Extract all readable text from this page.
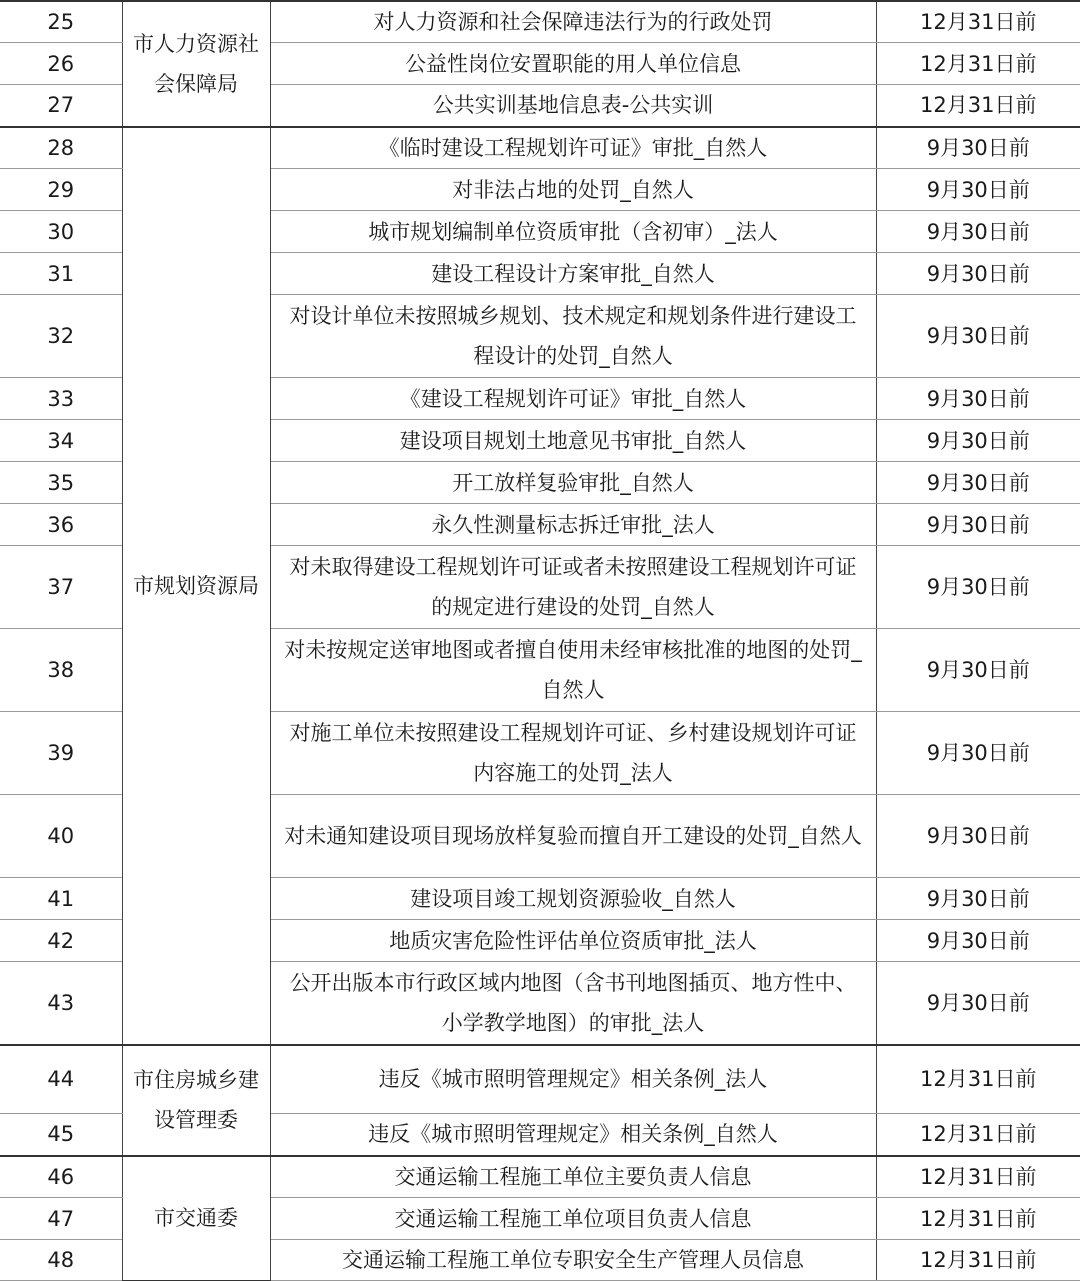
25	市人力资源社会保障局	对人力资源和社会保障违法行为的行政处罚	12月31日前
26		公益性岗位安置职能的用人单位信息	12月31日前
27		公共实训基地信息表-公共实训	12月31日前
28	市规划资源局	《临时建设工程规划许可证》审批_自然人	9月30日前
29		对非法占地的处罚_自然人	9月30日前
30		城市规划编制单位资质审批（含初审）_法人	9月30日前
31		建设工程设计方案审批_自然人	9月30日前
32		对设计单位未按照城乡规划、技术规定和规划条件进行建设工程设计的处罚_自然人	9月30日前
33		《建设工程规划许可证》审批_自然人	9月30日前
34		建设项目规划土地意见书审批_自然人	9月30日前
35		开工放样复验审批_自然人	9月30日前
36		永久性测量标志拆迁审批_法人	9月30日前
37		对未取得建设工程规划许可证或者未按照建设工程规划许可证的规定进行建设的处罚_自然人	9月30日前
38		对未按规定送审地图或者擅自使用未经审核批准的地图的处罚_自然人	9月30日前
39		对施工单位未按照建设工程规划许可证、乡村建设规划许可证内容施工的处罚_法人	9月30日前
40		对未通知建设项目现场放样复验而擅自开工建设的处罚_自然人	9月30日前
41		建设项目竣工规划资源验收_自然人	9月30日前
42		地质灾害危险性评估单位资质审批_法人	9月30日前
43		公开出版本市行政区域内地图（含书刊地图插页、地方性中、小学教学地图）的审批_法人	9月30日前
44	市住房城乡建设管理委	违反《城市照明管理规定》相关条例_法人	12月31日前
45		违反《城市照明管理规定》相关条例_自然人	12月31日前
46	市交通委	交通运输工程施工单位主要负责人信息	12月31日前
47		交通运输工程施工单位项目负责人信息	12月31日前
48		交通运输工程施工单位专职安全生产管理人员信息	12月31日前
